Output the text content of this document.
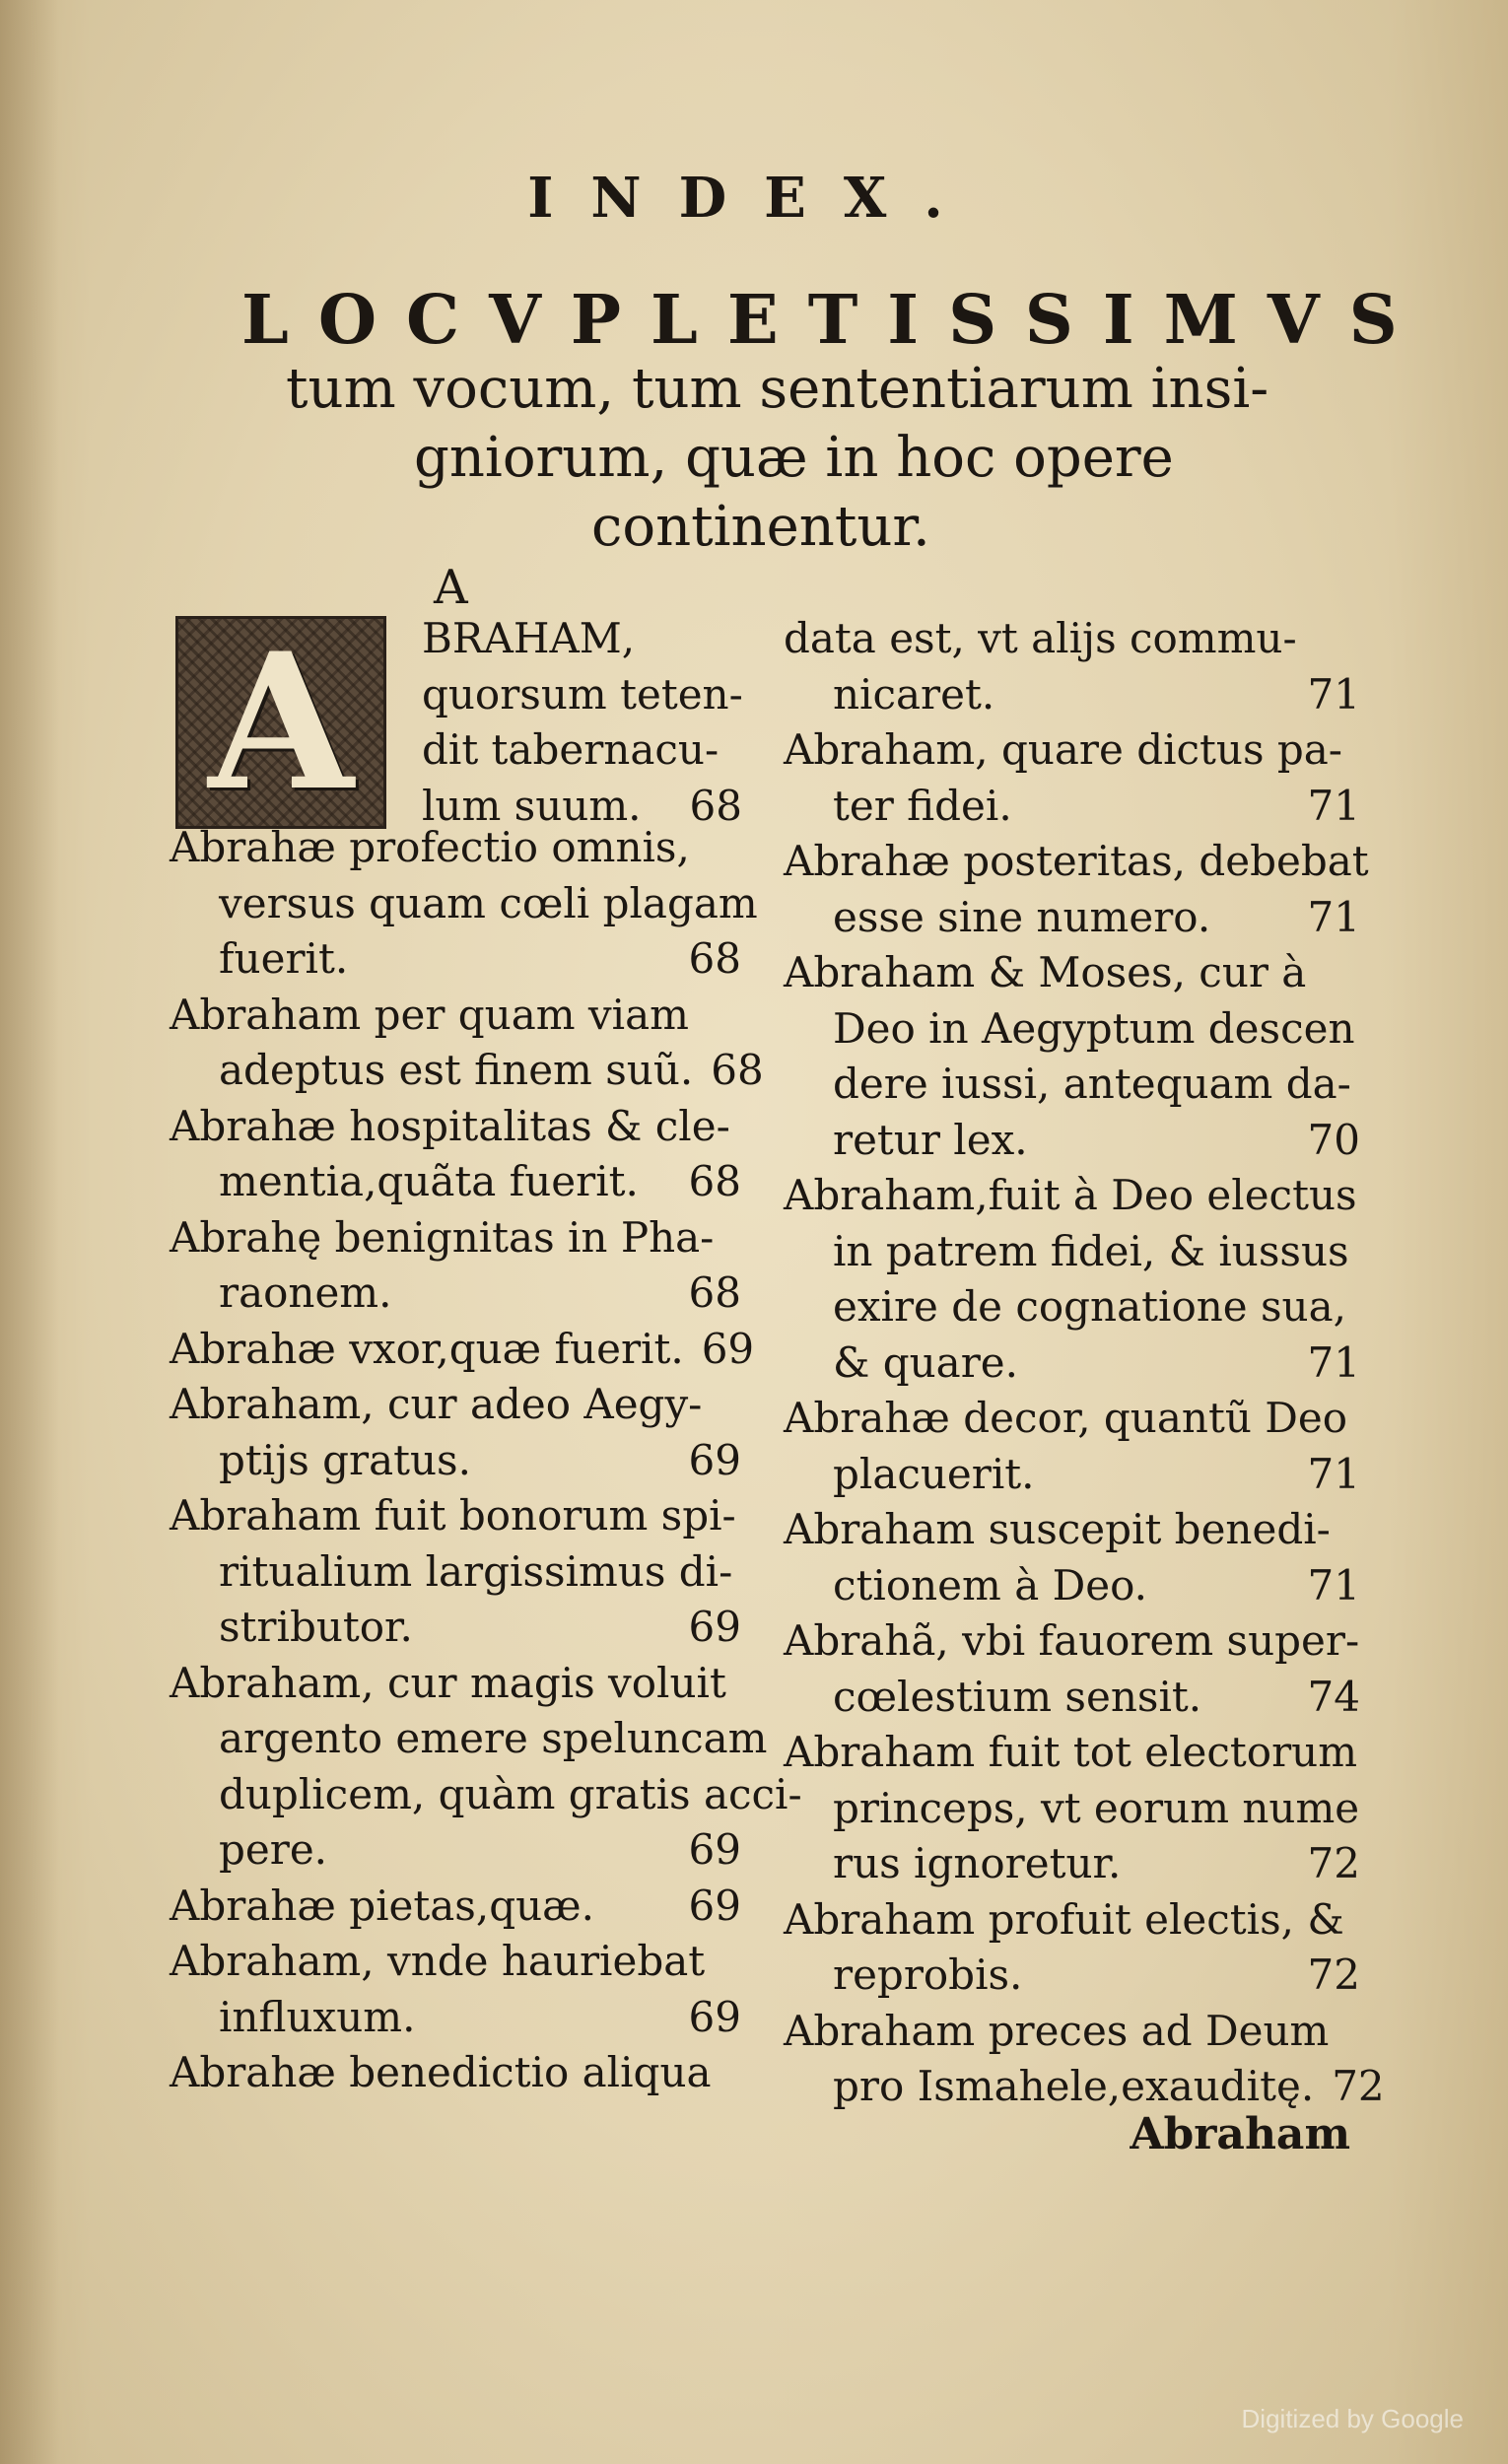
INDEX.
LOCVPLETISSIMVS
tum vocum, tum sententiarum insi-
gniorum, quæ in hoc opere
continentur.
A
A BRAHAM,
quorsum teten-
dit tabernacu-
lum suum.	68
Abrahæ profectio omnis,
versus quam cœli plagam
fuerit.	68
Abraham per quam viam
adeptus est finem suũ. 68
Abrahæ hospitalitas & cle-
mentia,quãta fuerit.	68
Abrahę benignitas in Pha-
raonem.	68
Abrahæ vxor,quæ fuerit. 69
Abraham, cur adeo Aegy-
ptijs gratus.	69
Abraham fuit bonorum spi-
ritualium largissimus di-
stributor.	69
Abraham, cur magis voluit
argento emere speluncam
duplicem, quàm gratis acci-
pere.	69
Abrahæ pietas,quæ.	69
Abraham, vnde hauriebat
influxum.	69
Abrahæ benedictio aliqua
data est, vt alijs commu-
nicaret.	71
Abraham, quare dictus pa-
ter fidei.	71
Abrahæ posteritas, debebat
esse sine numero.	71
Abraham & Moses, cur à
Deo in Aegyptum descen
dere iussi, antequam da-
retur lex.	70
Abraham,fuit à Deo electus
in patrem fidei, & iussus
exire de cognatione sua,
& quare.	71
Abrahæ decor, quantũ Deo
placuerit.	71
Abraham suscepit benedi-
ctionem à Deo.	71
Abrahã, vbi fauorem super-
cœlestium sensit.	74
Abraham fuit tot electorum
princeps, vt eorum nume
rus ignoretur.	72
Abraham profuit electis, &
reprobis.	72
Abraham preces ad Deum
pro Ismahele,exauditę. 72
Abraham
Digitized by Google
